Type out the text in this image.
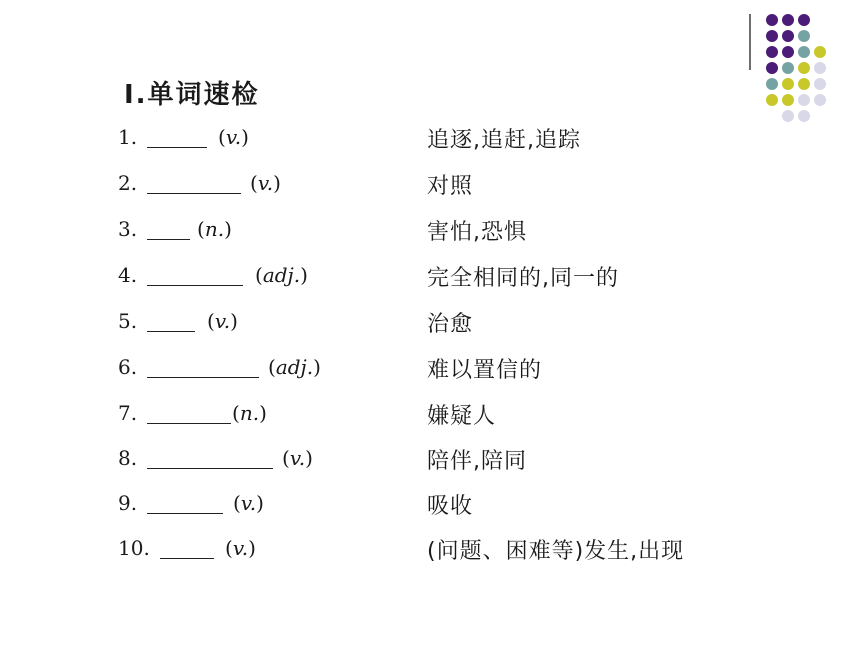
Ⅰ.单词速检
1.	(v.)	追逐,追赶,追踪
2.	(v.)	对照
3.	(n.)	害怕,恐惧
4.	(adj.)	完全相同的,同一的
5.	(v.)	治愈
6.	(adj.)	难以置信的
7.	(n.)	嫌疑人
8.	(v.)	陪伴,陪同
9.	(v.)	吸收
10.	(v.)	(问题、困难等)发生,出现
